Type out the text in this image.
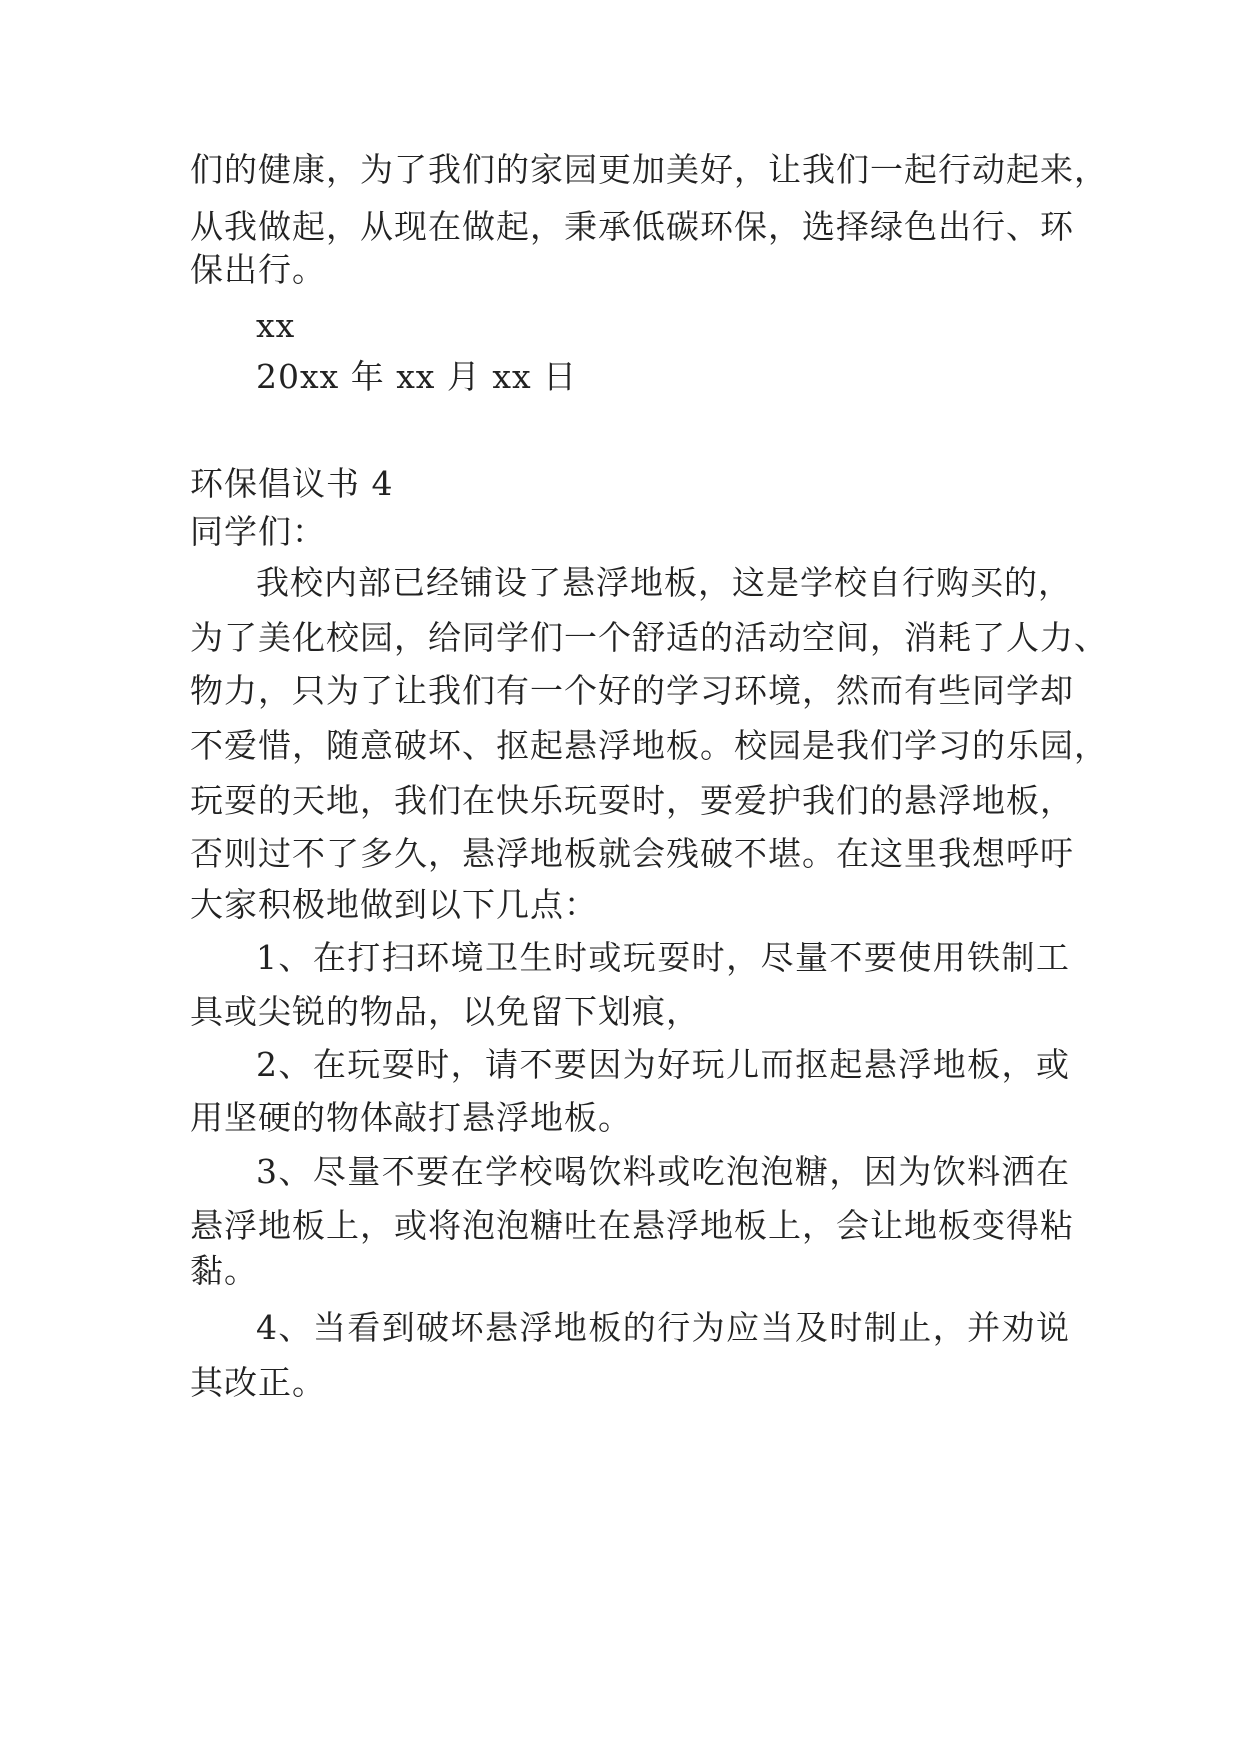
们的健康，为了我们的家园更加美好，让我们一起行动起来，
从我做起，从现在做起，秉承低碳环保，选择绿色出行、环
保出行。
xx
20xx 年 xx 月 xx 日
环保倡议书 4
同学们：
我校内部已经铺设了悬浮地板，这是学校自行购买的，
为了美化校园，给同学们一个舒适的活动空间，消耗了人力、
物力，只为了让我们有一个好的学习环境，然而有些同学却
不爱惜，随意破坏、抠起悬浮地板。校园是我们学习的乐园，
玩耍的天地，我们在快乐玩耍时，要爱护我们的悬浮地板，
否则过不了多久，悬浮地板就会残破不堪。在这里我想呼吁
大家积极地做到以下几点：
1、在打扫环境卫生时或玩耍时，尽量不要使用铁制工
具或尖锐的物品，以免留下划痕，
2、在玩耍时，请不要因为好玩儿而抠起悬浮地板，或
用坚硬的物体敲打悬浮地板。
3、尽量不要在学校喝饮料或吃泡泡糖，因为饮料洒在
悬浮地板上，或将泡泡糖吐在悬浮地板上，会让地板变得粘
黏。
4、当看到破坏悬浮地板的行为应当及时制止，并劝说
其改正。
